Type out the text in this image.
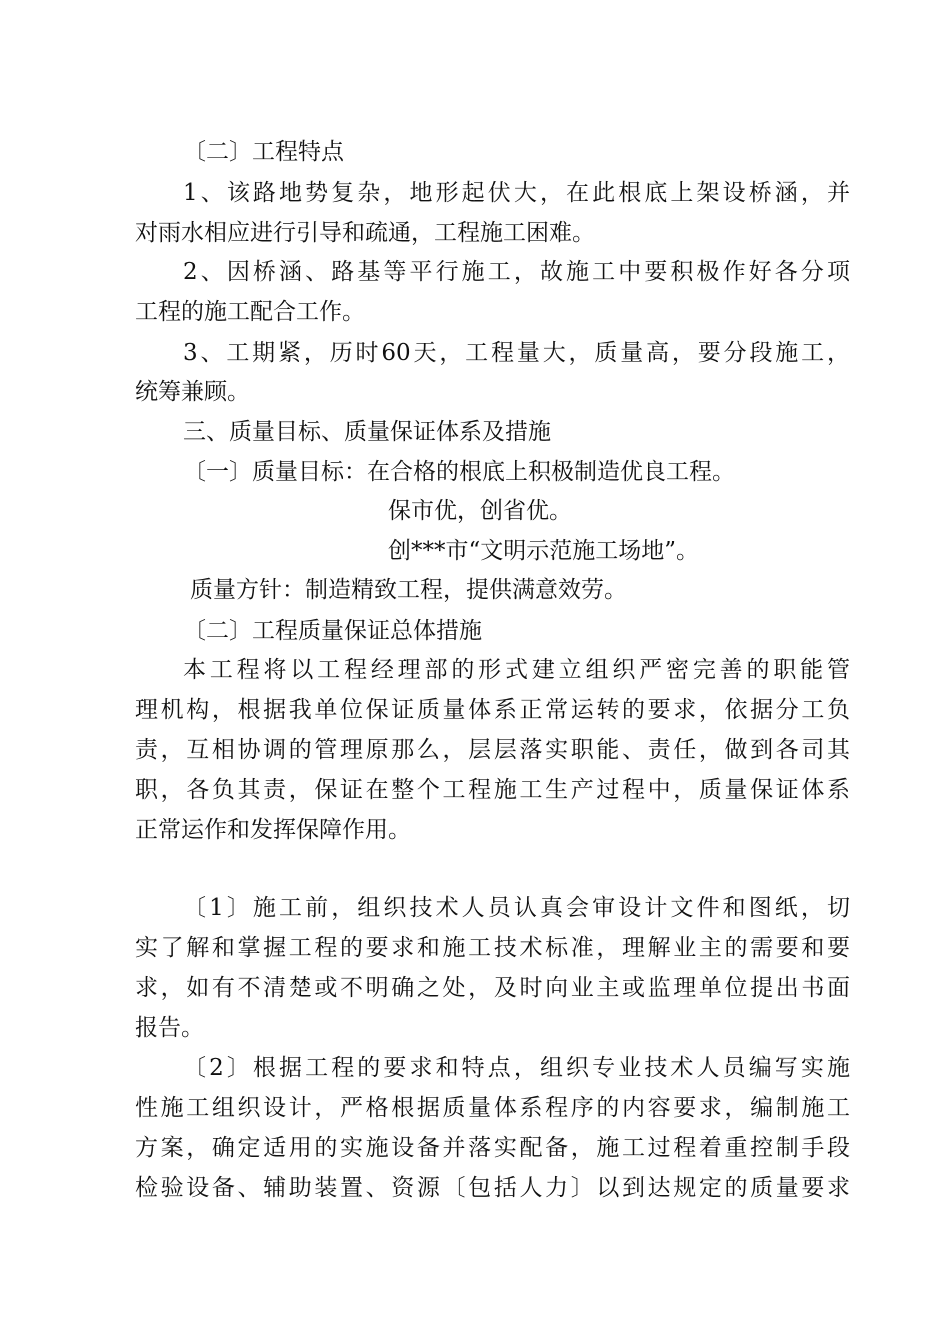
〔二〕工程特点
1、该路地势复杂，地形起伏大，在此根底上架设桥涵，并
对雨水相应进行引导和疏通，工程施工困难。
2、因桥涵、路基等平行施工，故施工中要积极作好各分项
工程的施工配合工作。
3、工期紧，历时60天，工程量大，质量高，要分段施工，
统筹兼顾。
三、质量目标、质量保证体系及措施
〔一〕质量目标：在合格的根底上积极制造优良工程。
保市优，创省优。
创***市“文明示范施工场地”。
质量方针：制造精致工程，提供满意效劳。
〔二〕工程质量保证总体措施
本工程将以工程经理部的形式建立组织严密完善的职能管
理机构，根据我单位保证质量体系正常运转的要求，依据分工负
责，互相协调的管理原那么，层层落实职能、责任，做到各司其
职，各负其责，保证在整个工程施工生产过程中，质量保证体系
正常运作和发挥保障作用。
〔1〕施工前，组织技术人员认真会审设计文件和图纸，切
实了解和掌握工程的要求和施工技术标准，理解业主的需要和要
求，如有不清楚或不明确之处，及时向业主或监理单位提出书面
报告。
〔2〕根据工程的要求和特点，组织专业技术人员编写实施
性施工组织设计，严格根据质量体系程序的内容要求，编制施工
方案，确定适用的实施设备并落实配备，施工过程着重控制手段
检验设备、辅助装置、资源〔包括人力〕以到达规定的质量要求
